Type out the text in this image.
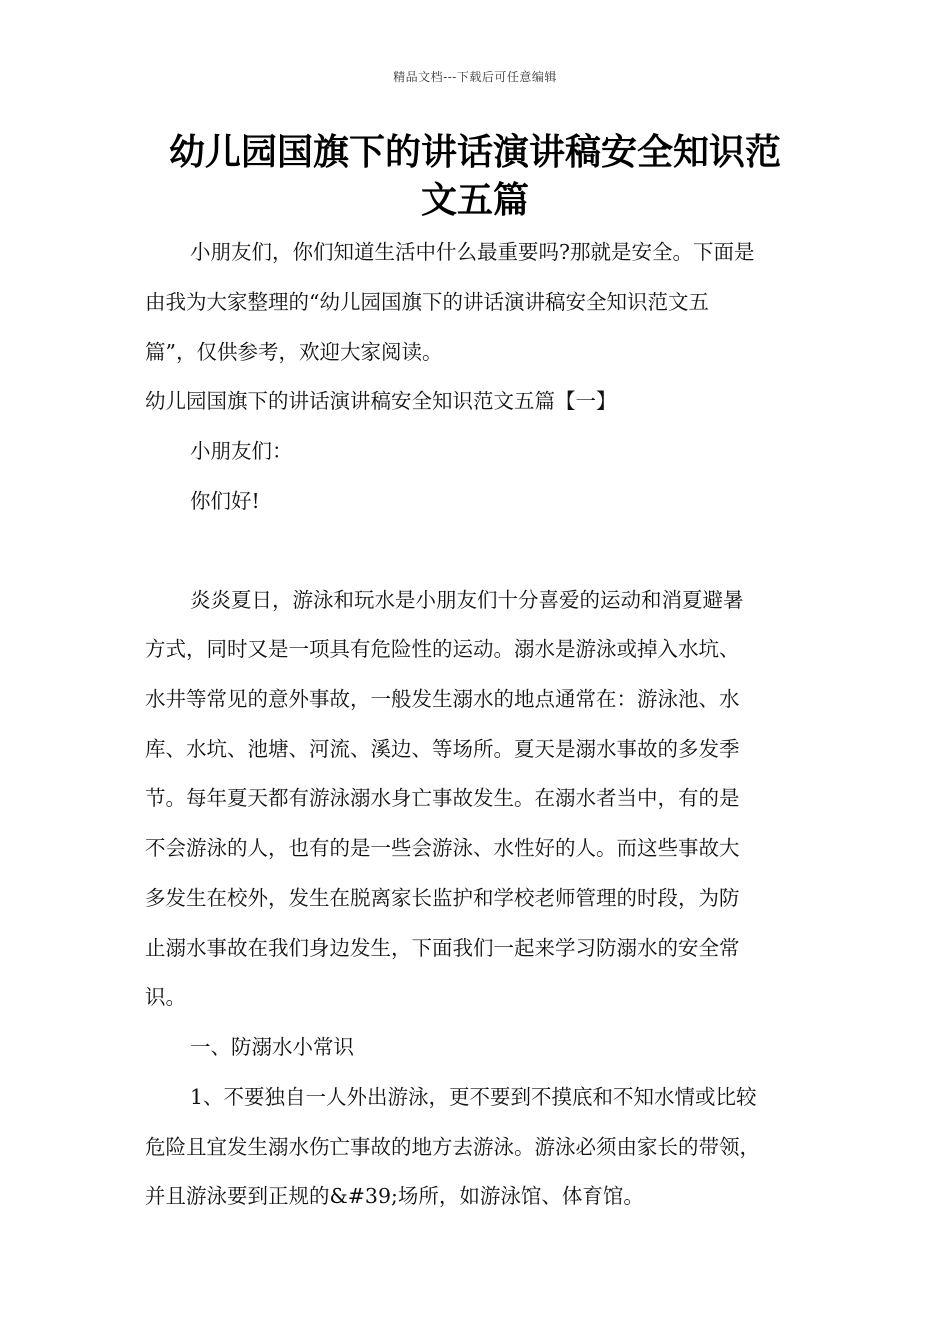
精品文档---下载后可任意编辑
幼儿园国旗下的讲话演讲稿安全知识范
文五篇
小朋友们，你们知道生活中什么最重要吗?那就是安全。下面是
由我为大家整理的“幼儿园国旗下的讲话演讲稿安全知识范文五
篇”，仅供参考，欢迎大家阅读。
幼儿园国旗下的讲话演讲稿安全知识范文五篇【一】
小朋友们：
你们好!
炎炎夏日，游泳和玩水是小朋友们十分喜爱的运动和消夏避暑
方式，同时又是一项具有危险性的运动。溺水是游泳或掉入水坑、
水井等常见的意外事故，一般发生溺水的地点通常在：游泳池、水
库、水坑、池塘、河流、溪边、等场所。夏天是溺水事故的多发季
节。每年夏天都有游泳溺水身亡事故发生。在溺水者当中，有的是
不会游泳的人，也有的是一些会游泳、水性好的人。而这些事故大
多发生在校外，发生在脱离家长监护和学校老师管理的时段，为防
止溺水事故在我们身边发生，下面我们一起来学习防溺水的安全常
识。
一、防溺水小常识
1、不要独自一人外出游泳，更不要到不摸底和不知水情或比较
危险且宜发生溺水伤亡事故的地方去游泳。游泳必须由家长的带领，
并且游泳要到正规的&#39;场所，如游泳馆、体育馆。
